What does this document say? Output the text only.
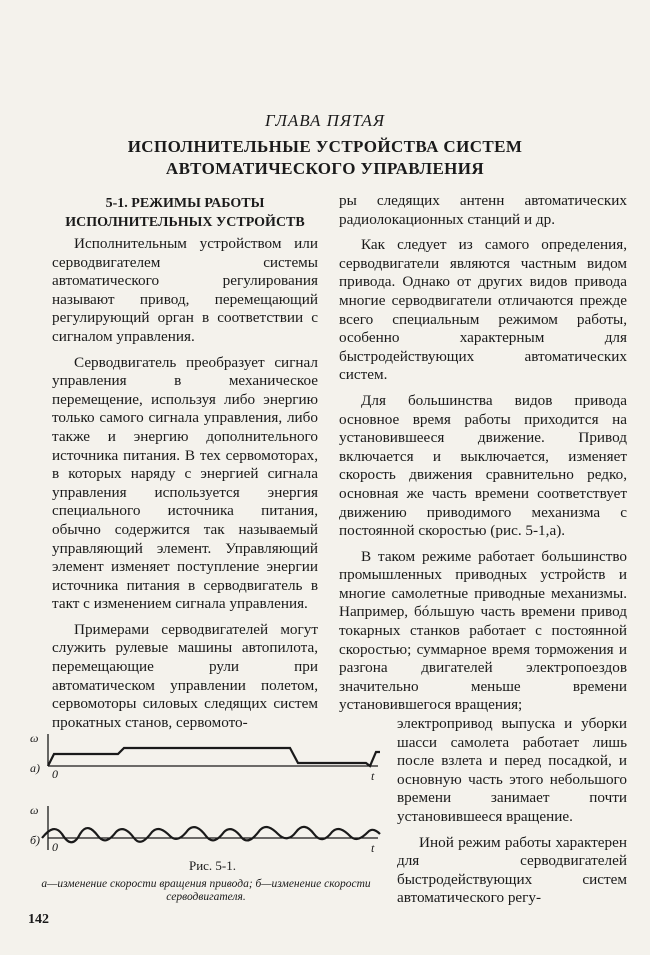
ГЛАВА ПЯТАЯ
ИСПОЛНИТЕЛЬНЫЕ УСТРОЙСТВА СИСТЕМ
АВТОМАТИЧЕСКОГО УПРАВЛЕНИЯ
5-1. РЕЖИМЫ РАБОТЫ
ИСПОЛНИТЕЛЬНЫХ УСТРОЙСТВ

Исполнительным устройством или серводвигателем системы автоматического регулирования называют привод, перемещающий регулирующий орган в соответствии с сигналом управления.

Серводвигатель преобразует сигнал управления в механическое перемещение, используя либо энергию только самого сигнала управления, либо также и энергию дополнительного источника питания. В тех сервомоторах, в которых наряду с энергией сигнала управления используется энергия специального источника питания, обычно содержится так называемый управляющий элемент. Управляющий элемент изменяет поступление энергии источника питания в серводвигатель в такт с изменением сигнала управления.

Примерами серводвигателей могут служить рулевые машины автопилота, перемещающие рули при автоматическом управлении полетом, сервомоторы силовых следящих систем прокатных станов, сервомото-

ры следящих антенн автоматических радиолокационных станций и др.

Как следует из самого определения, серводвигатели являются частным видом привода. Однако от других видов привода многие серводвигатели отличаются прежде всего специальным режимом работы, особенно характерным для быстродействующих автоматических систем.

Для большинства видов привода основное время работы приходится на установившееся движение. Привод включается и выключается, изменяет скорость движения сравнительно редко, основная же часть времени соответствует движению приводимого механизма с постоянной скоростью (рис. 5-1,а).

В таком режиме работает большинство промышленных приводных устройств и многие самолетные приводные механизмы. Например, бóльшую часть времени привод токарных станков работает с постоянной скоростью; суммарное время торможения и разгона двигателей электропоездов значительно меньше времени установившегося вращения;

электропривод выпуска и уборки шасси самолета работает лишь после взлета и перед посадкой, и основную часть этого небольшого времени занимает почти установившееся вращение.

Иной режим работы характерен для серводвигателей быстродействующих систем автоматического регу-

ω
а) 0	t
ω
б) 0	t
Рис. 5-1.
а—изменение скорости вращения привода; б—изменение скорости серводвигателя.
142
